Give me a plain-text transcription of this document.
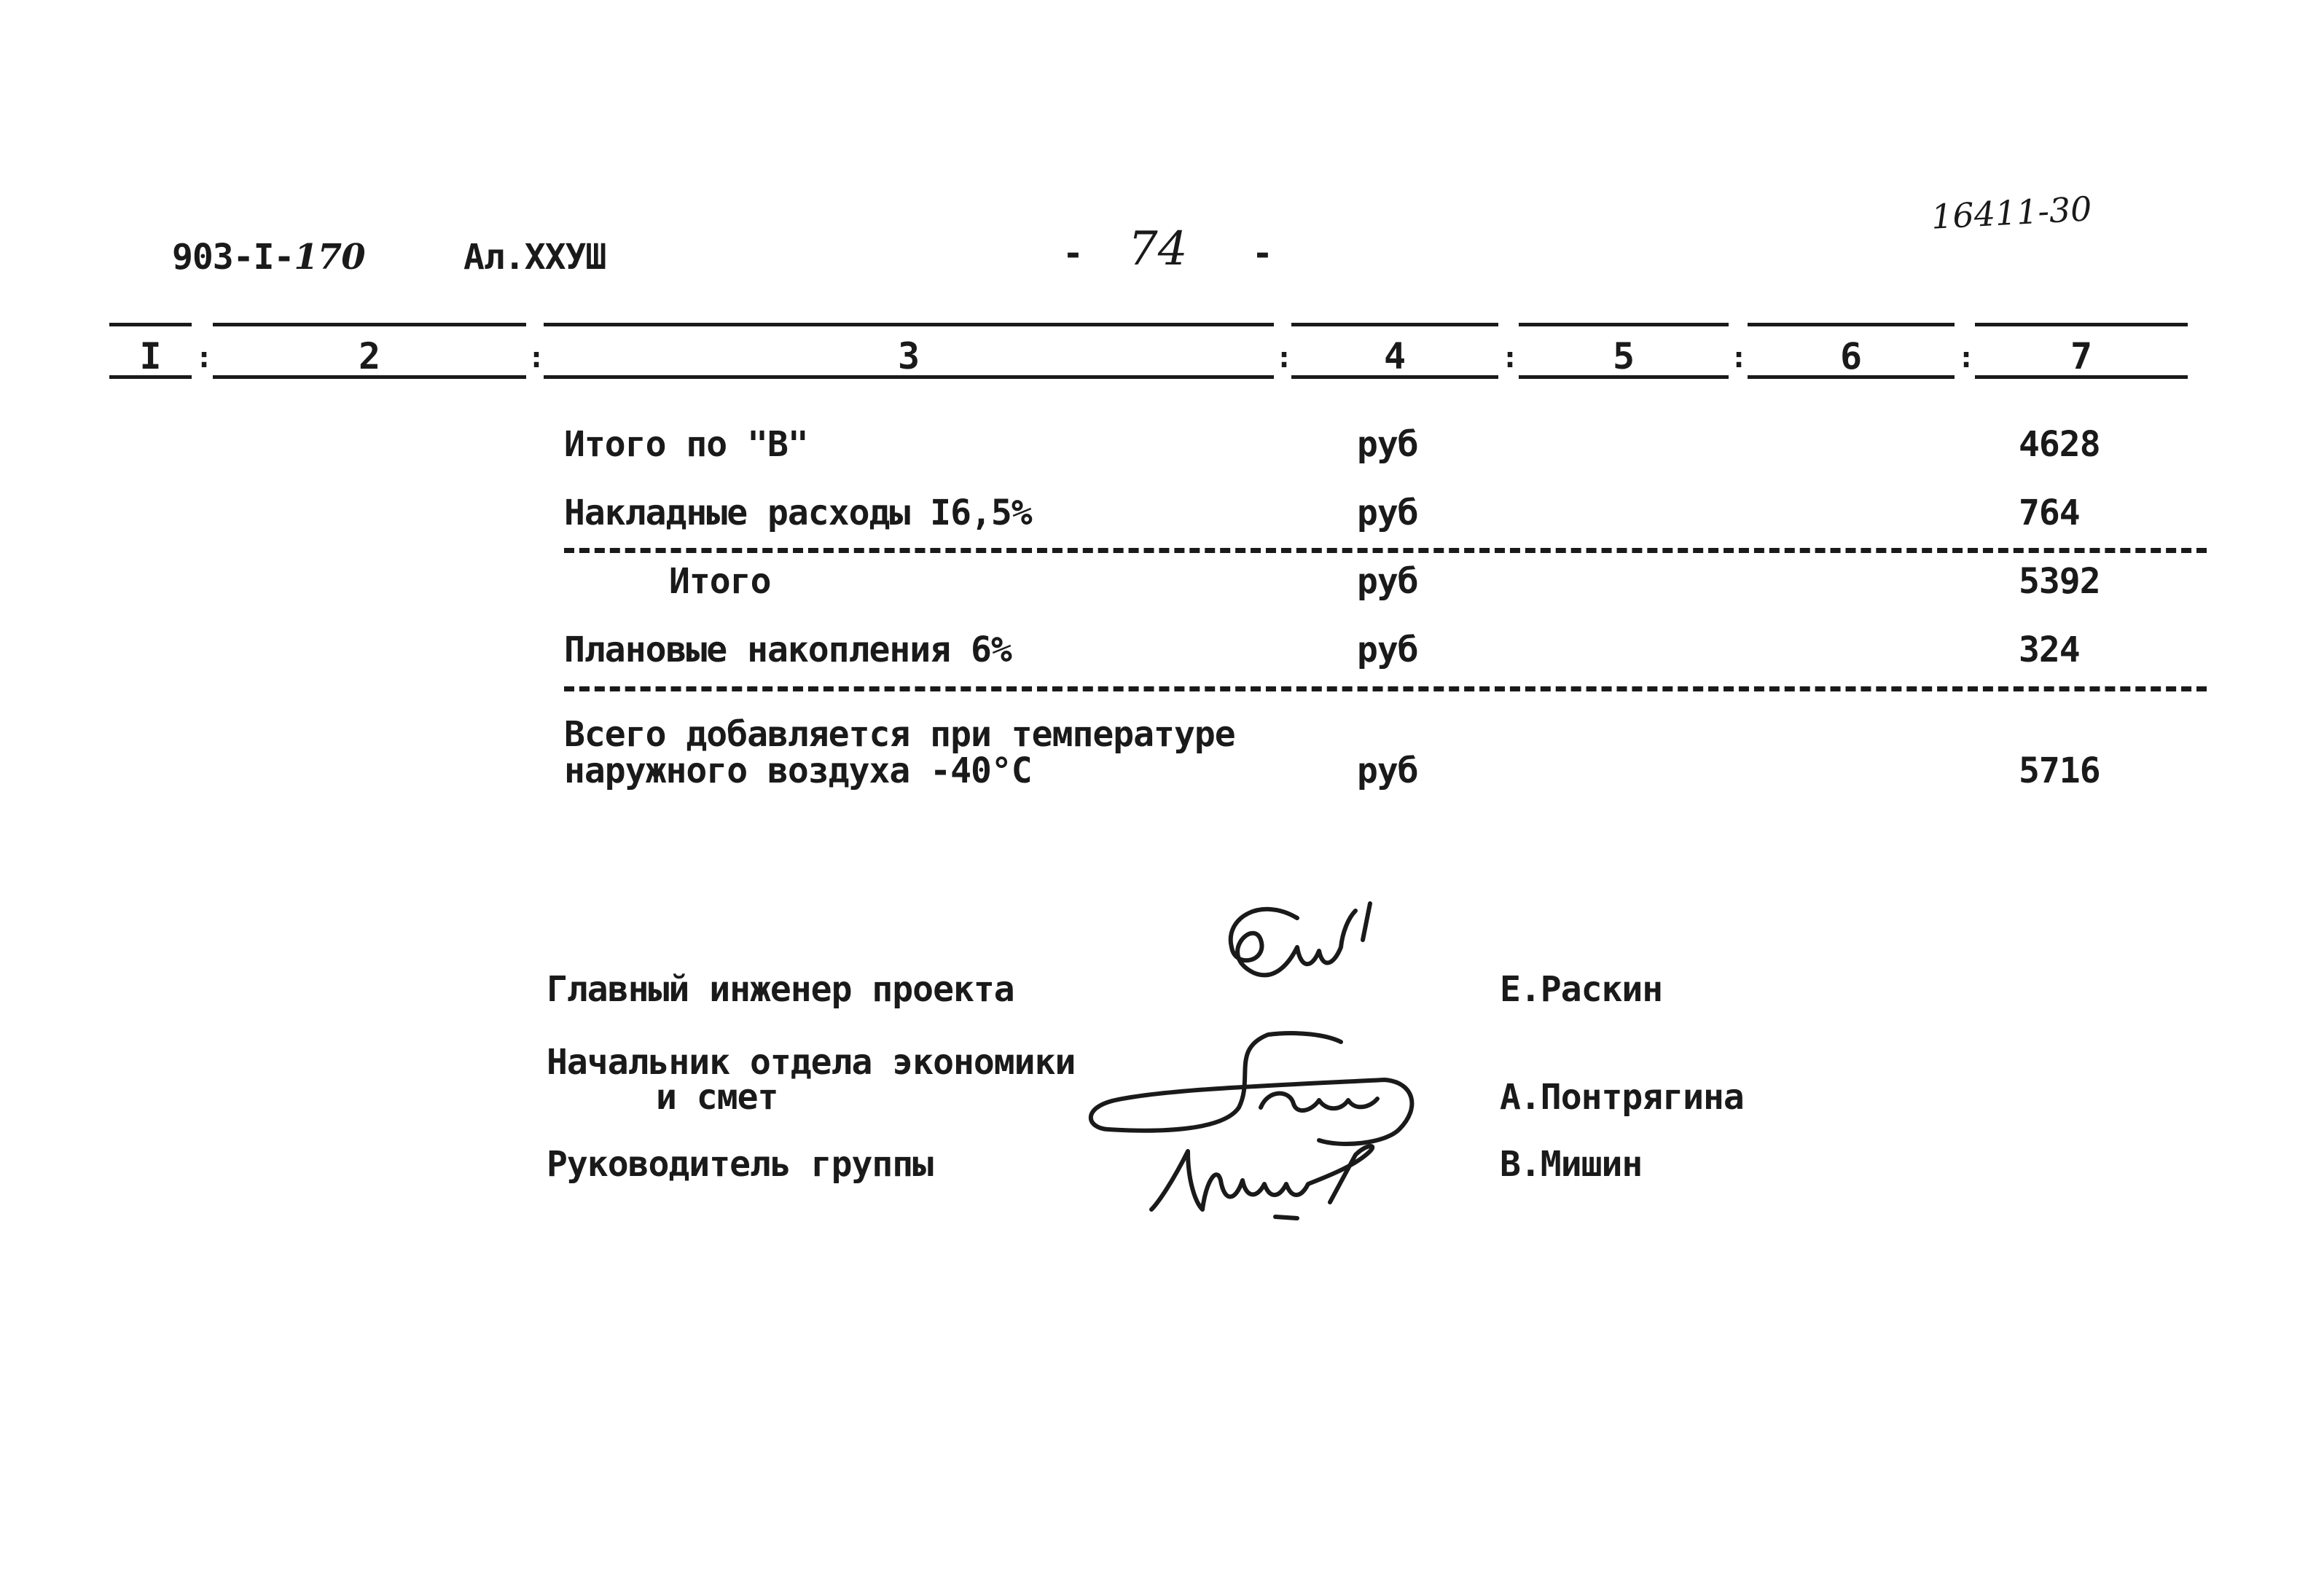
903-I-170	Ал.XXУШ	- 74 -
16411-30
I	2	3	4	5	6	7
:	:	:	:	:	:
Итого по "В"	руб	4628
Накладные расходы I6,5%	руб	764
Итого	руб	5392
Плановые накопления 6%	руб	324
Всего добавляется при температуре
наружного воздуха -40°C	руб	5716
Главный инженер проекта	Е.Раскин
Начальник отдела экономики
и смет	А.Понтрягина
Руководитель группы	В.Мишин
